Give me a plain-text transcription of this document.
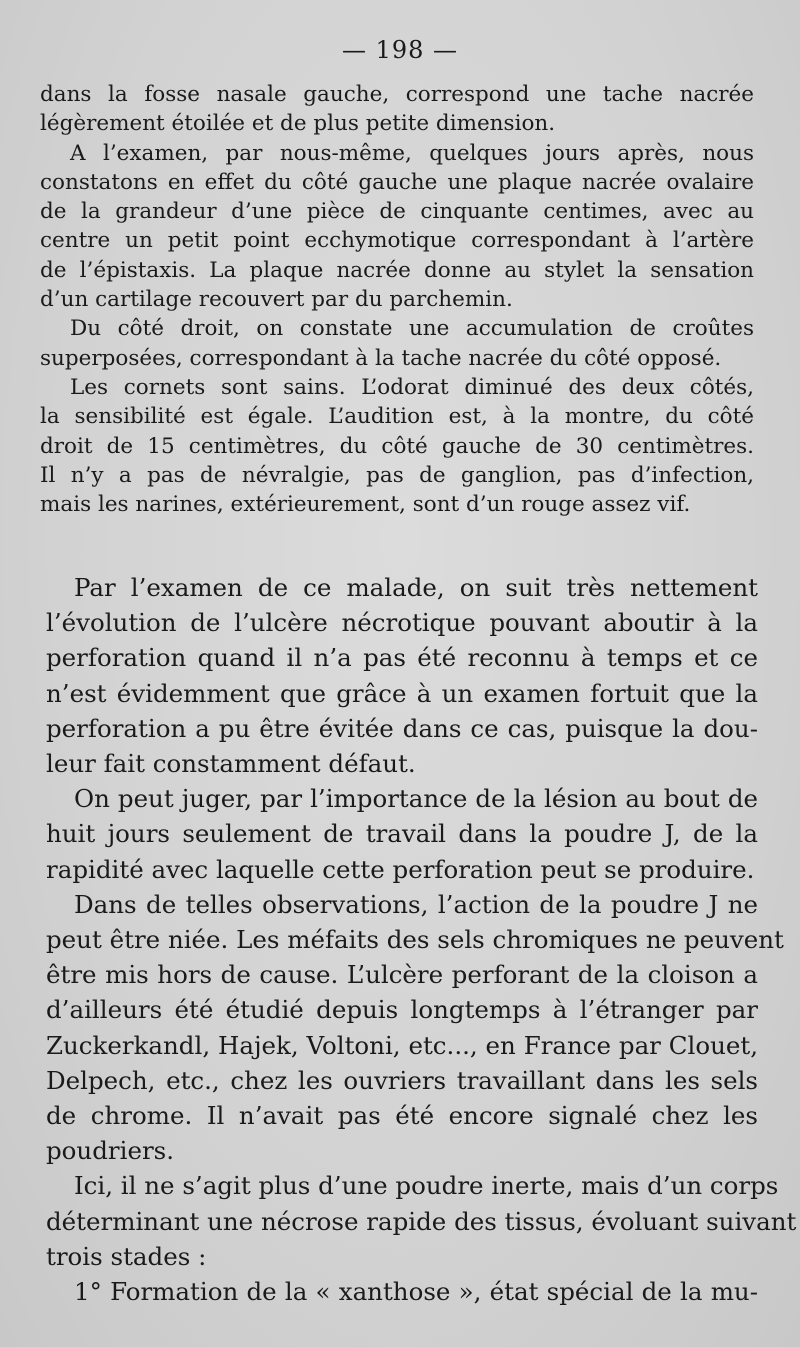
— 198 —
dans la fosse nasale gauche, correspond une tache nacrée
légèrement étoilée et de plus petite dimension.
A l’examen, par nous-même, quelques jours après, nous
constatons en effet du côté gauche une plaque nacrée ovalaire
de la grandeur d’une pièce de cinquante centimes, avec au
centre un petit point ecchymotique correspondant à l’artère
de l’épistaxis. La plaque nacrée donne au stylet la sensation
d’un cartilage recouvert par du parchemin.
Du côté droit, on constate une accumulation de croûtes
superposées, correspondant à la tache nacrée du côté opposé.
Les cornets sont sains. L’odorat diminué des deux côtés,
la sensibilité est égale. L’audition est, à la montre, du côté
droit de 15 centimètres, du côté gauche de 30 centimètres.
Il n’y a pas de névralgie, pas de ganglion, pas d’infection,
mais les narines, extérieurement, sont d’un rouge assez vif.
Par l’examen de ce malade, on suit très nettement
l’évolution de l’ulcère nécrotique pouvant aboutir à la
perforation quand il n’a pas été reconnu à temps et ce
n’est évidemment que grâce à un examen fortuit que la
perforation a pu être évitée dans ce cas, puisque la dou-
leur fait constamment défaut.
On peut juger, par l’importance de la lésion au bout de
huit jours seulement de travail dans la poudre J, de la
rapidité avec laquelle cette perforation peut se produire.
Dans de telles observations, l’action de la poudre J ne
peut être niée. Les méfaits des sels chromiques ne peuvent
être mis hors de cause. L’ulcère perforant de la cloison a
d’ailleurs été étudié depuis longtemps à l’étranger par
Zuckerkandl, Hajek, Voltoni, etc..., en France par Clouet,
Delpech, etc., chez les ouvriers travaillant dans les sels
de chrome. Il n’avait pas été encore signalé chez les
poudriers.
Ici, il ne s’agit plus d’une poudre inerte, mais d’un corps
déterminant une nécrose rapide des tissus, évoluant suivant
trois stades :
1° Formation de la « xanthose », état spécial de la mu-
